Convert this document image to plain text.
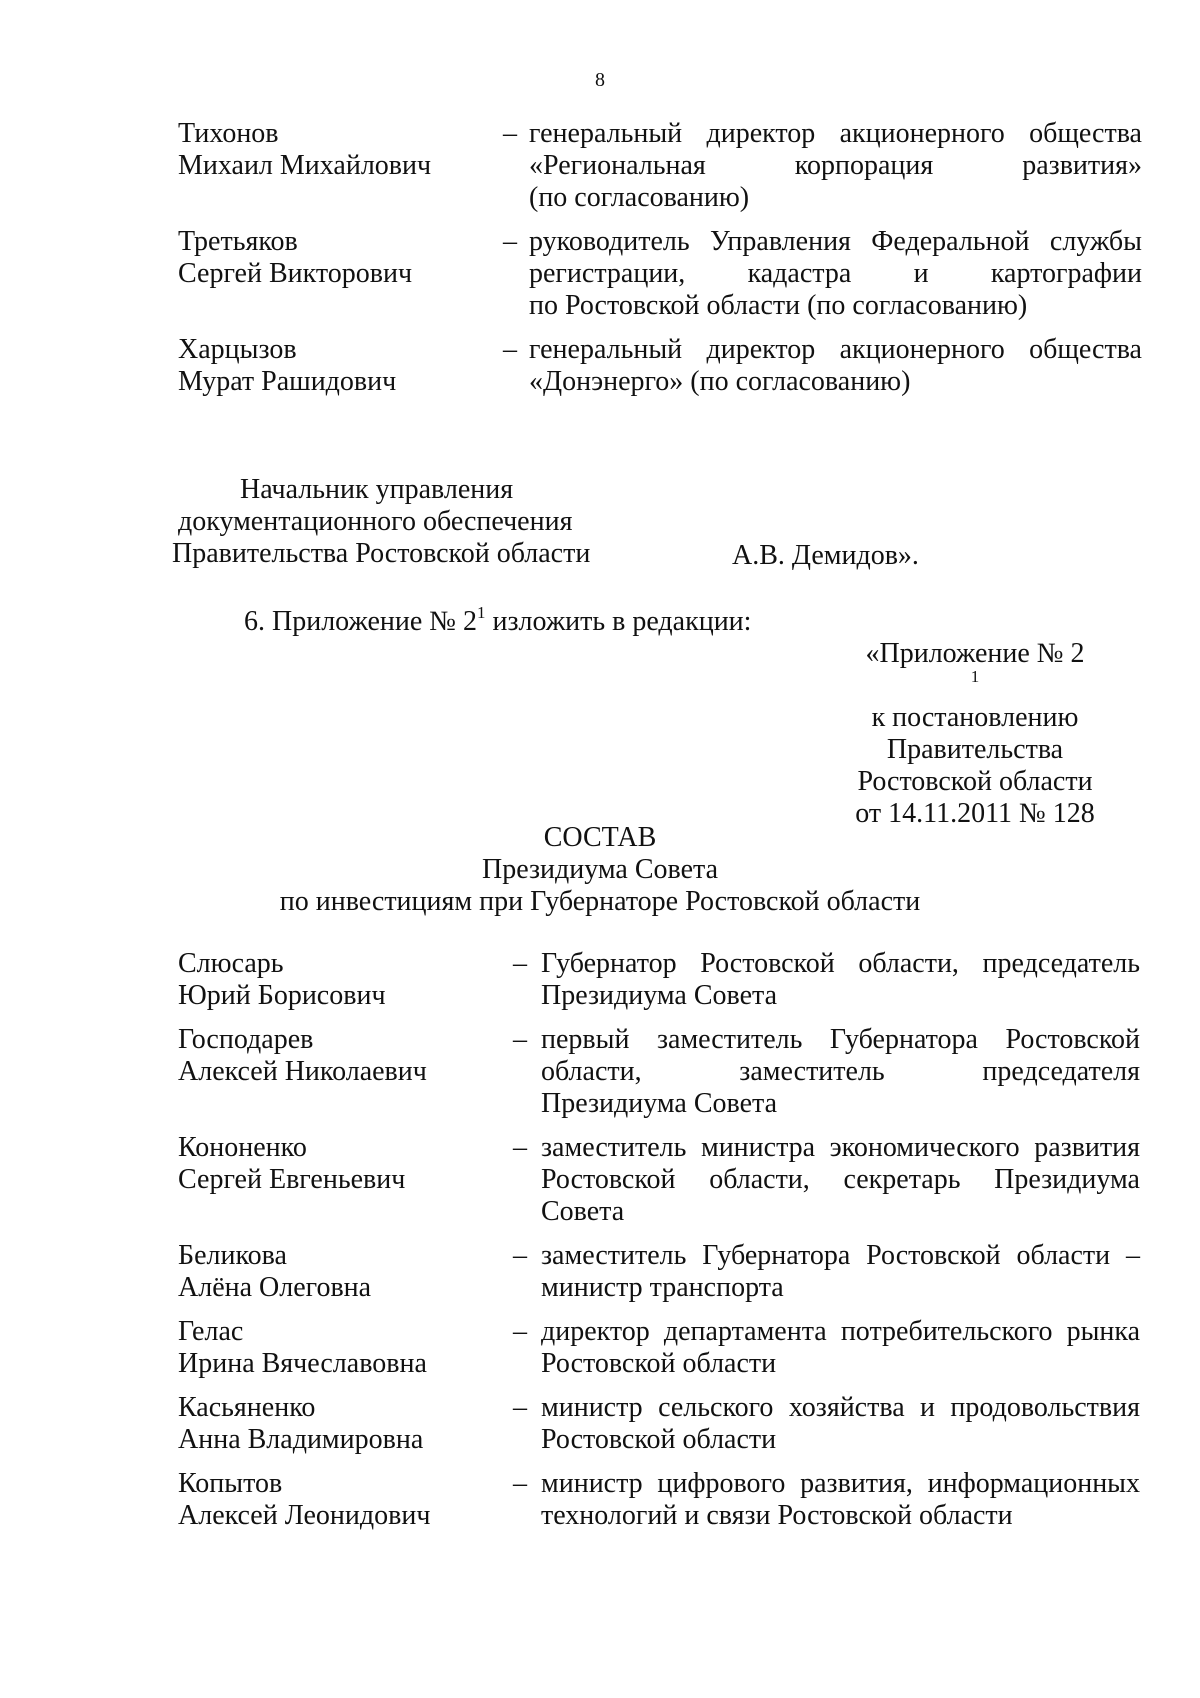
8
Тихонов
Михаил Михайлович
– генеральный директор акционерного общества
«Региональная корпорация развития»
(по согласованию)
Третьяков
Сергей Викторович
– руководитель Управления Федеральной службы
регистрации, кадастра и картографии
по Ростовской области (по согласованию)
Харцызов
Мурат Рашидович
– генеральный директор акционерного общества
«Донэнерго» (по согласованию)
Начальник управления
документационного обеспечения
Правительства Ростовской области	А.В. Демидов».
6. Приложение № $2^1$ изложить в редакции:
«Приложение № 2
$^1$
к постановлению
Правительства
Ростовской области
от 14.11.2011 № 128
СОСТАВ
Президиума Совета
по инвестициям при Губернаторе Ростовской области
Слюсарь
Юрий Борисович
– Губернатор Ростовской области, председатель
Президиума Совета
Господарев
Алексей Николаевич
– первый заместитель Губернатора Ростовской
области, заместитель председателя
Президиума Совета
Кононенко
Сергей Евгеньевич
– заместитель министра экономического развития
Ростовской области, секретарь Президиума
Совета
Беликова
Алёна Олеговна
– заместитель Губернатора Ростовской области –
министр транспорта
Гелас
Ирина Вячеславовна
– директор департамента потребительского рынка
Ростовской области
Касьяненко
Анна Владимировна
– министр сельского хозяйства и продовольствия
Ростовской области
Копытов
Алексей Леонидович
– министр цифрового развития, информационных
технологий и связи Ростовской области
